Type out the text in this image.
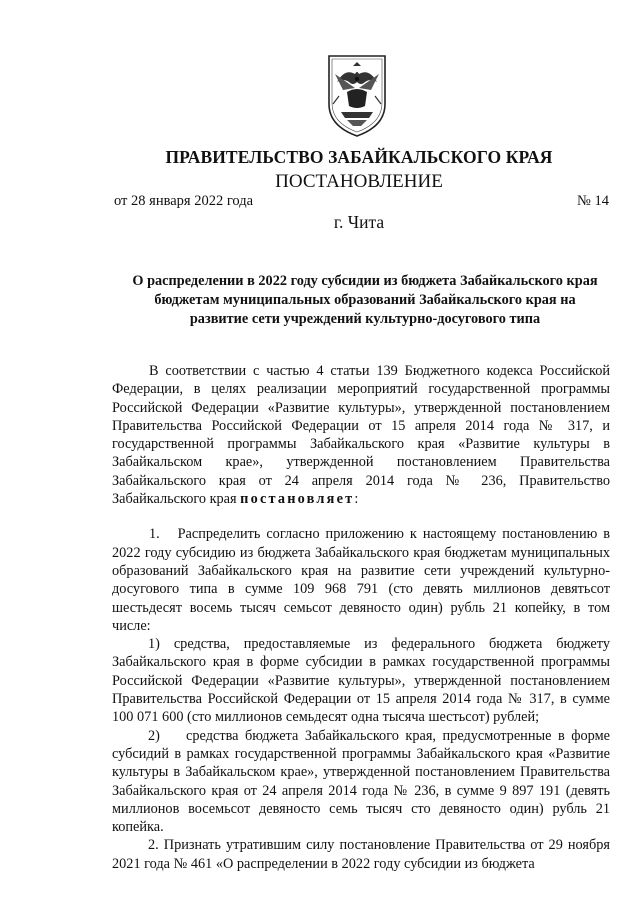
ПРАВИТЕЛЬСТВО ЗАБАЙКАЛЬСКОГО КРАЯ
ПОСТАНОВЛЕНИЕ
от 28 января 2022 года	№ 14
г. Чита
О распределении в 2022 году субсидии из бюджета Забайкальского края
бюджетам муниципальных образований Забайкальского края на
развитие сети учреждений культурно-досугового типа

В соответствии с частью 4 статьи 139 Бюджетного кодекса Российской Федерации, в целях реализации мероприятий государственной программы Российской Федерации «Развитие культуры», утвержденной постановлением Правительства Российской Федерации от 15 апреля 2014 года № 317, и государственной программы Забайкальского края «Развитие культуры в Забайкальском крае», утвержденной постановлением Правительства Забайкальского края от 24 апреля 2014 года № 236, Правительство Забайкальского края постановляет:

1.   Распределить согласно приложению к настоящему постановлению в 2022 году субсидию из бюджета Забайкальского края бюджетам муниципальных образований Забайкальского края на развитие сети учреждений культурно-досугового типа в сумме 109 968 791 (сто девять миллионов девятьсот шестьдесят восемь тысяч семьсот девяносто один) рубль 21 копейку, в том числе:

1) средства, предоставляемые из федерального бюджета бюджету Забайкальского края в форме субсидии в рамках государственной программы Российской Федерации «Развитие культуры», утвержденной постановлением Правительства Российской Федерации от 15 апреля 2014 года № 317, в сумме 100 071 600 (сто миллионов семьдесят одна тысяча шестьсот) рублей;

2)    средства бюджета Забайкальского края, предусмотренные в форме субсидий в рамках государственной программы Забайкальского края «Развитие культуры в Забайкальском крае», утвержденной постановлением Правительства Забайкальского края от 24 апреля 2014 года № 236, в сумме 9 897 191 (девять миллионов восемьсот девяносто семь тысяч сто девяносто один) рубль 21 копейка.

2. Признать утратившим силу постановление Правительства от 29 ноября 2021 года № 461 «О распределении в 2022 году субсидии из бюджета
